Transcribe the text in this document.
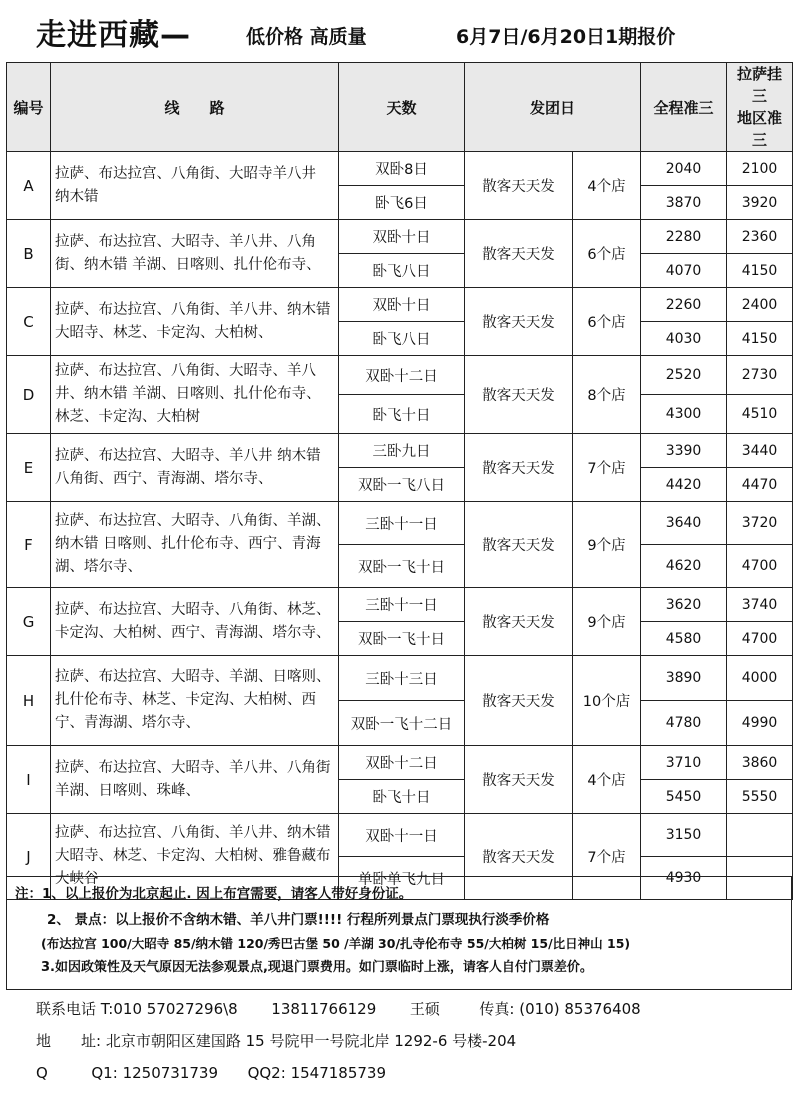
走进西藏—	低价格 高质量	6月7日/6月20日1期报价
编号	线　　路	天数	发团日		全程准三	拉萨挂三
地区准三
A	拉萨、布达拉宫、八角街、大昭寺羊八井 纳木错	双卧8日	散客天天发	4个店	2040	2100
		卧飞6日			3870	3920
B	拉萨、布达拉宫、大昭寺、羊八井、八角街、纳木错 羊湖、日喀则、扎什伦布寺、	双卧十日	散客天天发	6个店	2280	2360
		卧飞八日			4070	4150
C	拉萨、布达拉宫、八角街、羊八井、纳木错 大昭寺、林芝、卡定沟、大柏树、	双卧十日	散客天天发	6个店	2260	2400
		卧飞八日			4030	4150
D	拉萨、布达拉宫、八角街、大昭寺、羊八井、纳木错 羊湖、日喀则、扎什伦布寺、林芝、卡定沟、大柏树	双卧十二日	散客天天发	8个店	2520	2730
		卧飞十日			4300	4510
E	拉萨、布达拉宫、大昭寺、羊八井 纳木错 八角街、西宁、青海湖、塔尔寺、	三卧九日	散客天天发	7个店	3390	3440
		双卧一飞八日			4420	4470
F	拉萨、布达拉宫、大昭寺、八角街、羊湖、纳木错 日喀则、扎什伦布寺、西宁、青海湖、塔尔寺、	三卧十一日	散客天天发	9个店	3640	3720
		双卧一飞十日			4620	4700
G	拉萨、布达拉宫、大昭寺、八角街、林芝、卡定沟、大柏树、西宁、青海湖、塔尔寺、	三卧十一日	散客天天发	9个店	3620	3740
		双卧一飞十日			4580	4700
H	拉萨、布达拉宫、大昭寺、羊湖、日喀则、扎什伦布寺、林芝、卡定沟、大柏树、西宁、青海湖、塔尔寺、	三卧十三日	散客天天发	10个店	3890	4000
		双卧一飞十二日			4780	4990
I	拉萨、布达拉宫、大昭寺、羊八井、八角街羊湖、日喀则、珠峰、	双卧十二日	散客天天发	4个店	3710	3860
		卧飞十日			5450	5550
J	拉萨、布达拉宫、八角街、羊八井、纳木错 大昭寺、林芝、卡定沟、大柏树、雅鲁藏布大峡谷	双卧十一日	散客天天发	7个店	3150	
		单卧单飞九日			4930	
注：1、以上报价为北京起止. 因上布宫需要，请客人带好身份证。
2、 景点：以上报价不含纳木错、羊八井门票!!!! 行程所列景点门票现执行淡季价格
(布达拉宫 100/大昭寺 85/纳木错 120/秀巴古堡 50 /羊湖 30/扎寺伦布寺 55/大柏树 15/比日神山 15)
3.如因政策性及天气原因无法参观景点,现退门票费用。如门票临时上涨，请客人自付门票差价。
联系电话 T:010 57027296\8 13811766129 王硕	传真: (010) 85376408
地　　址: 北京市朝阳区建国路 15 号院甲一号院北岸 1292-6 号楼-204
Q	Q1: 1250731739 QQ2: 1547185739
